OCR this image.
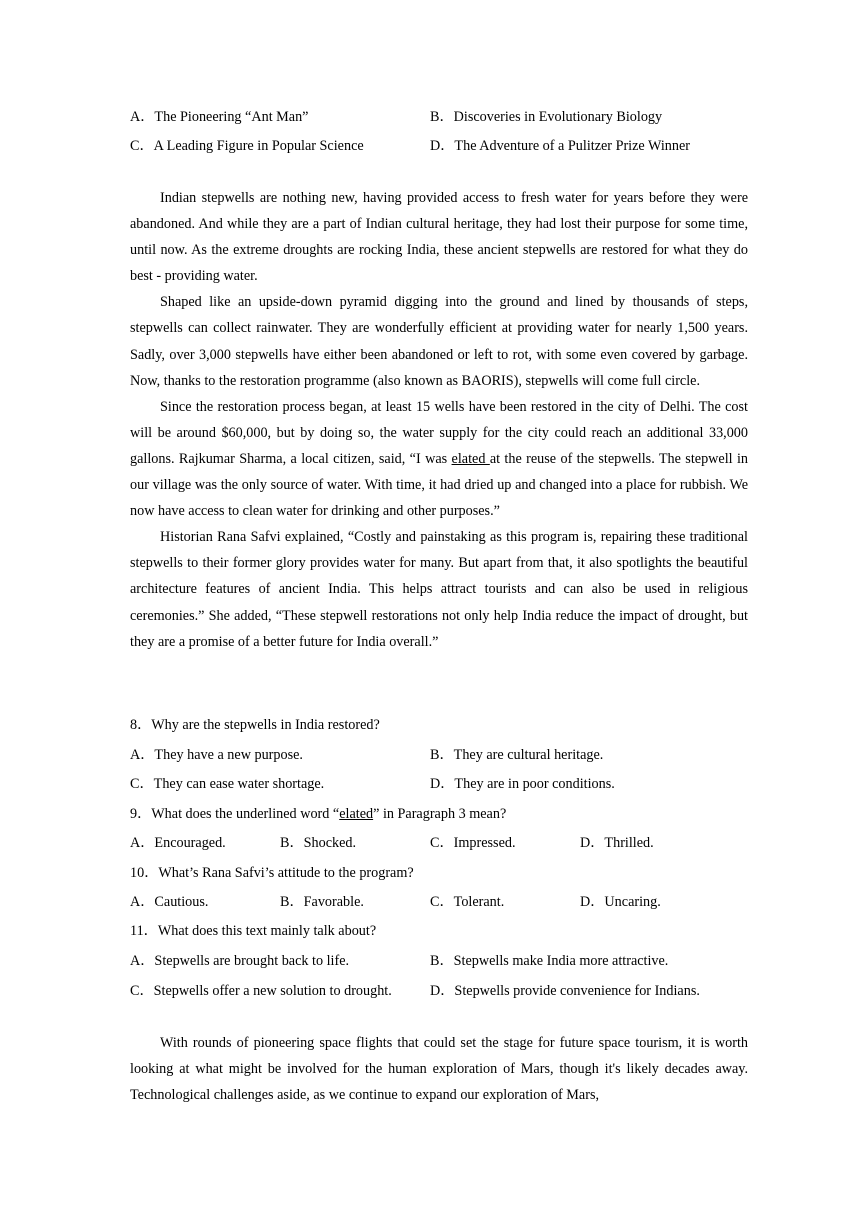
A．The Pioneering “Ant Man”	B．Discoveries in Evolutionary Biology
C．A Leading Figure in Popular Science	D．The Adventure of a Pulitzer Prize Winner

Indian stepwells are nothing new, having provided access to fresh water for years before they were abandoned. And while they are a part of Indian cultural heritage, they had lost their purpose for some time, until now. As the extreme droughts are rocking India, these ancient stepwells are restored for what they do best - providing water.

Shaped like an upside-down pyramid digging into the ground and lined by thousands of steps, stepwells can collect rainwater. They are wonderfully efficient at providing water for nearly 1,500 years. Sadly, over 3,000 stepwells have either been abandoned or left to rot, with some even covered by garbage. Now, thanks to the restoration programme (also known as BAORIS), stepwells will come full circle.

Since the restoration process began, at least 15 wells have been restored in the city of Delhi. The cost will be around $60,000, but by doing so, the water supply for the city could reach an additional 33,000 gallons. Rajkumar Sharma, a local citizen, said, “I was elated at the reuse of the stepwells. The stepwell in our village was the only source of water. With time, it had dried up and changed into a place for rubbish. We now have access to clean water for drinking and other purposes.”

Historian Rana Safvi explained, “Costly and painstaking as this program is, repairing these traditional stepwells to their former glory provides water for many. But apart from that, it also spotlights the beautiful architecture features of ancient India. This helps attract tourists and can also be used in religious ceremonies.” She added, “These stepwell restorations not only help India reduce the impact of drought, but they are a promise of a better future for India overall.”

8．Why are the stepwells in India restored?
A．They have a new purpose.	B．They are cultural heritage.
C．They can ease water shortage.	D．They are in poor conditions.
9．What does the underlined word “elated” in Paragraph 3 mean?
A．Encouraged.	B．Shocked.	C．Impressed.	D．Thrilled.
10．What’s Rana Safvi’s attitude to the program?
A．Cautious.	B．Favorable.	C．Tolerant.	D．Uncaring.
11．What does this text mainly talk about?
A．Stepwells are brought back to life.	B．Stepwells make India more attractive.
C．Stepwells offer a new solution to drought.	D．Stepwells provide convenience for Indians.

With rounds of pioneering space flights that could set the stage for future space tourism, it is worth looking at what might be involved for the human exploration of Mars, though it's likely decades away. Technological challenges aside, as we continue to expand our exploration of Mars,
